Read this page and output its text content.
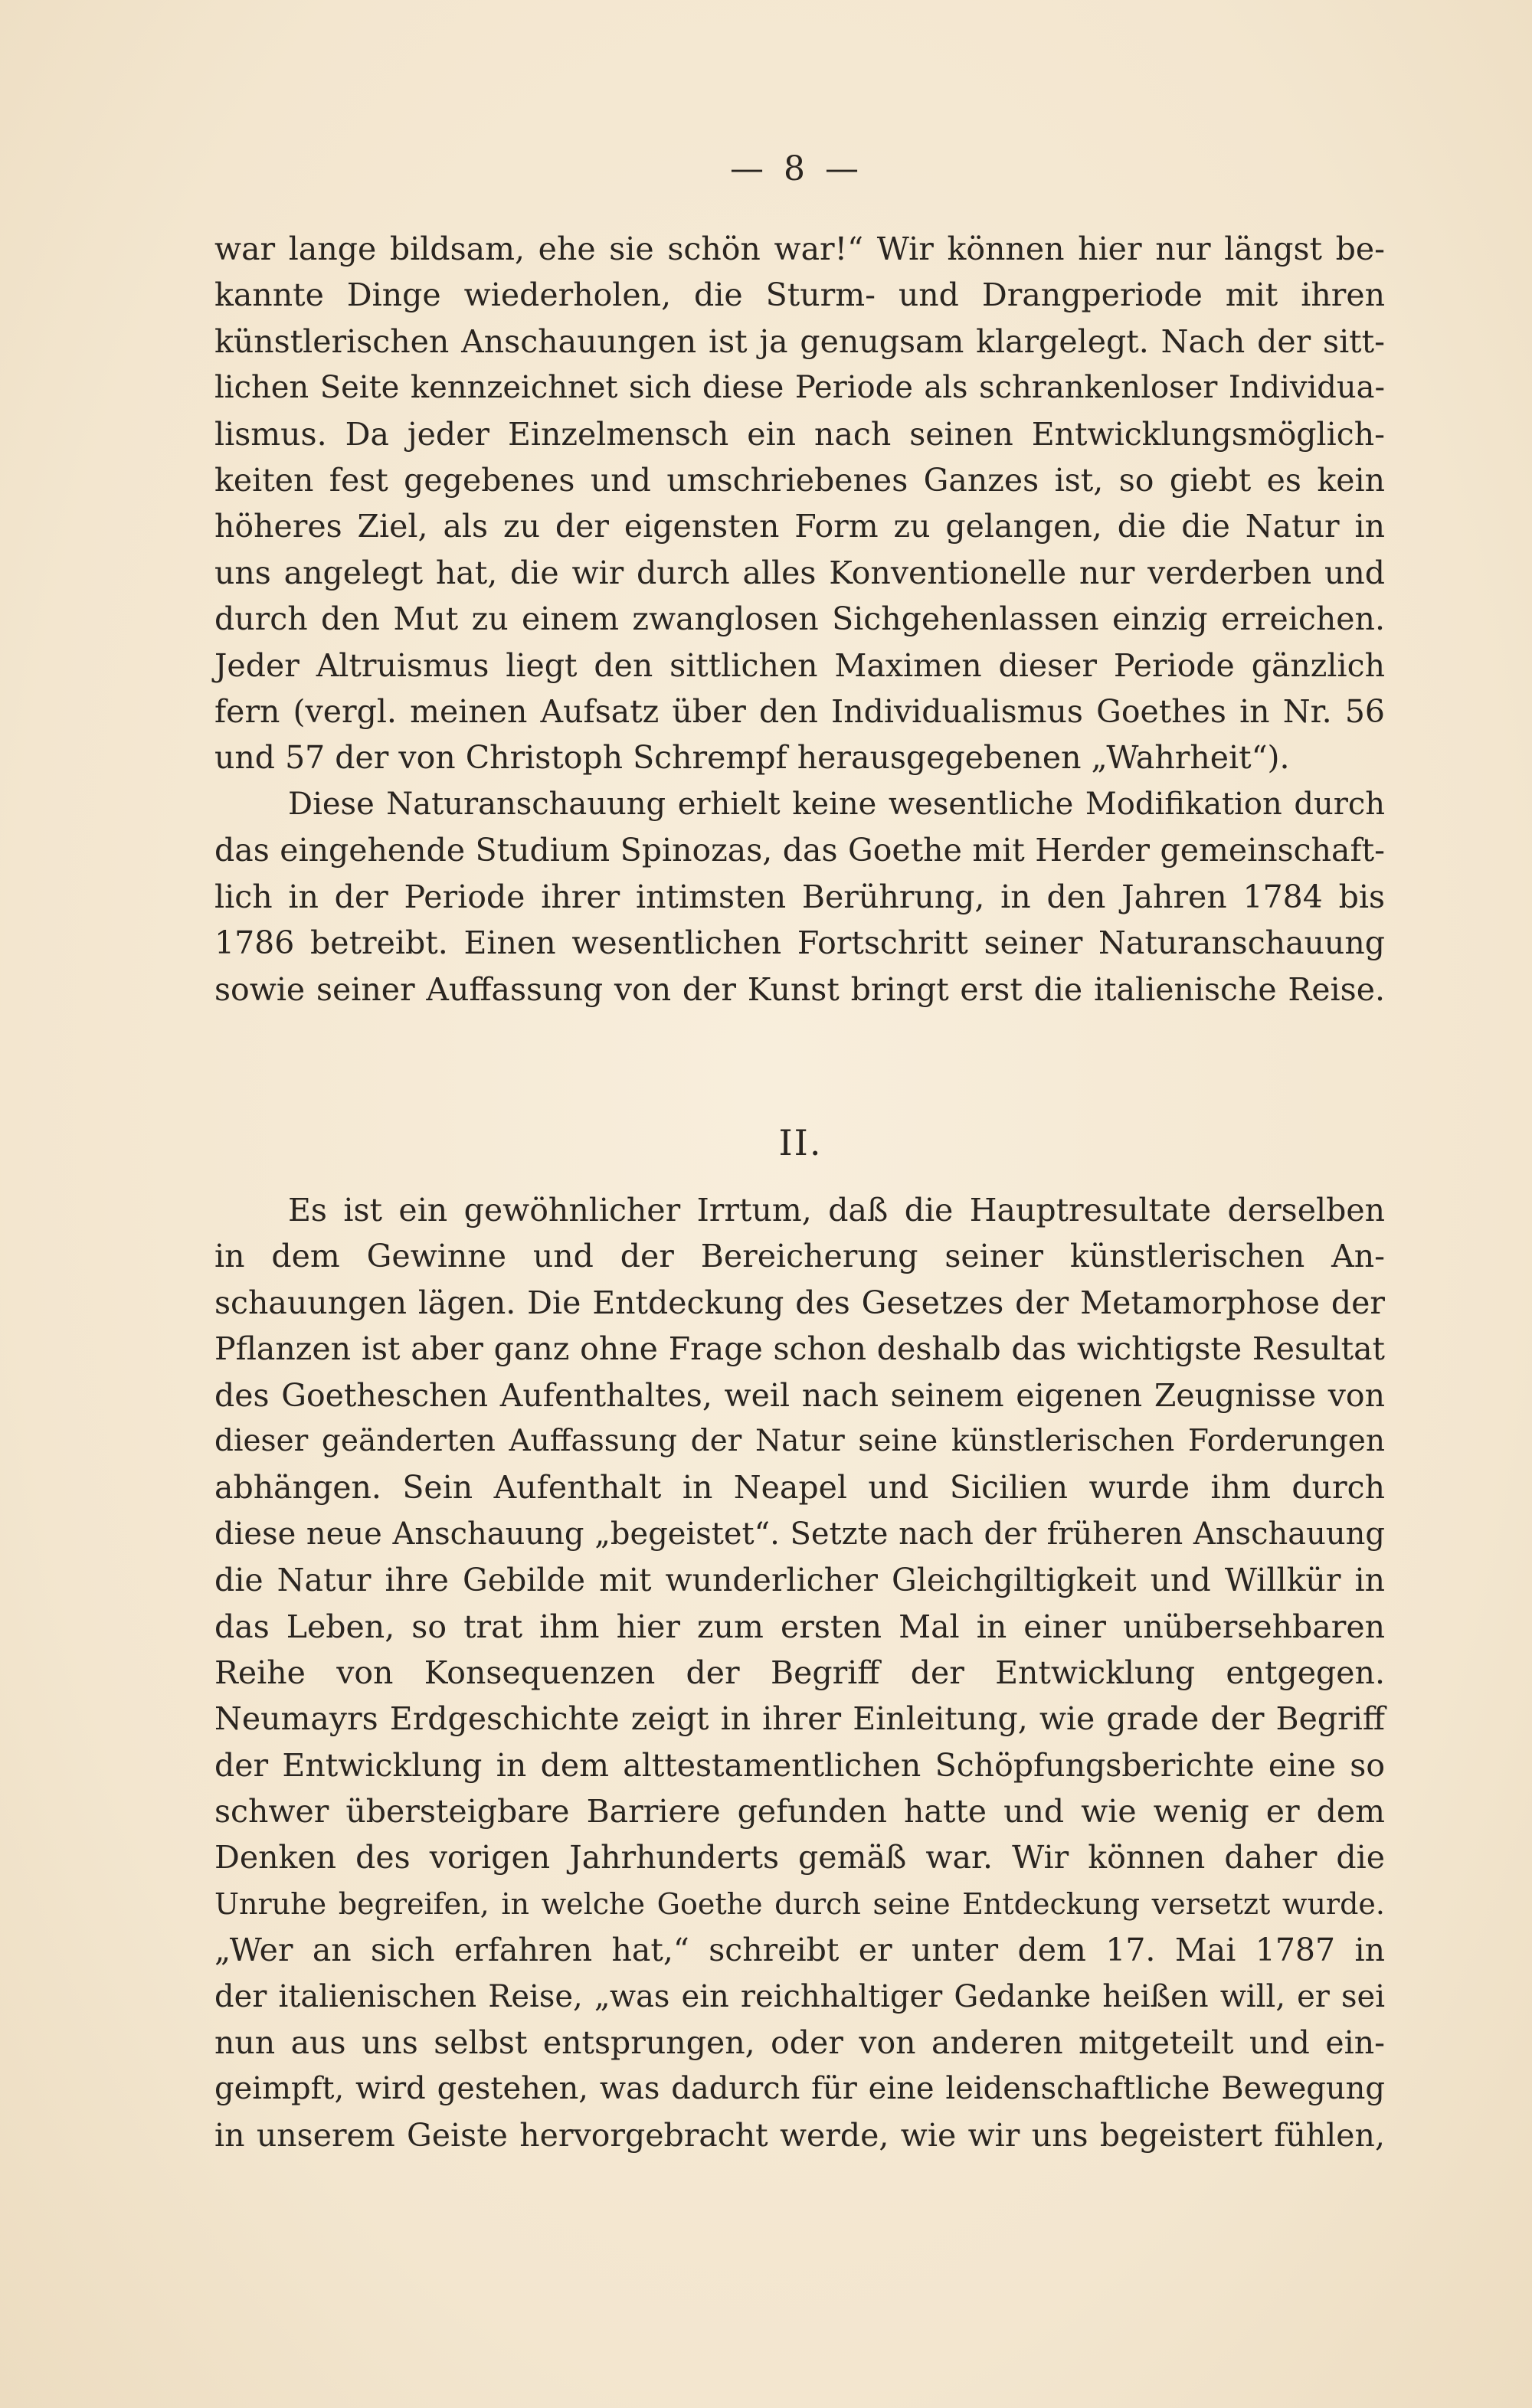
— 8 —
war lange bildsam, ehe sie schön war!“ Wir können hier nur längst be-
kannte Dinge wiederholen, die Sturm- und Drangperiode mit ihren
künstlerischen Anschauungen ist ja genugsam klargelegt. Nach der sitt-
lichen Seite kennzeichnet sich diese Periode als schrankenloser Individua-
lismus. Da jeder Einzelmensch ein nach seinen Entwicklungsmöglich-
keiten fest gegebenes und umschriebenes Ganzes ist, so giebt es kein
höheres Ziel, als zu der eigensten Form zu gelangen, die die Natur in
uns angelegt hat, die wir durch alles Konventionelle nur verderben und
durch den Mut zu einem zwanglosen Sichgehenlassen einzig erreichen.
Jeder Altruismus liegt den sittlichen Maximen dieser Periode gänzlich
fern (vergl. meinen Aufsatz über den Individualismus Goethes in Nr. 56
und 57 der von Christoph Schrempf herausgegebenen „Wahrheit“).
Diese Naturanschauung erhielt keine wesentliche Modifikation durch
das eingehende Studium Spinozas, das Goethe mit Herder gemeinschaft-
lich in der Periode ihrer intimsten Berührung, in den Jahren 1784 bis
1786 betreibt. Einen wesentlichen Fortschritt seiner Naturanschauung
sowie seiner Auffassung von der Kunst bringt erst die italienische Reise.
II.
Es ist ein gewöhnlicher Irrtum, daß die Hauptresultate derselben
in dem Gewinne und der Bereicherung seiner künstlerischen An-
schauungen lägen. Die Entdeckung des Gesetzes der Metamorphose der
Pflanzen ist aber ganz ohne Frage schon deshalb das wichtigste Resultat
des Goetheschen Aufenthaltes, weil nach seinem eigenen Zeugnisse von
dieser geänderten Auffassung der Natur seine künstlerischen Forderungen
abhängen. Sein Aufenthalt in Neapel und Sicilien wurde ihm durch
diese neue Anschauung „begeistet“. Setzte nach der früheren Anschauung
die Natur ihre Gebilde mit wunderlicher Gleichgiltigkeit und Willkür in
das Leben, so trat ihm hier zum ersten Mal in einer unübersehbaren
Reihe von Konsequenzen der Begriff der Entwicklung entgegen.
Neumayrs Erdgeschichte zeigt in ihrer Einleitung, wie grade der Begriff
der Entwicklung in dem alttestamentlichen Schöpfungsberichte eine so
schwer übersteigbare Barriere gefunden hatte und wie wenig er dem
Denken des vorigen Jahrhunderts gemäß war. Wir können daher die
Unruhe begreifen, in welche Goethe durch seine Entdeckung versetzt wurde.
„Wer an sich erfahren hat,“ schreibt er unter dem 17. Mai 1787 in
der italienischen Reise, „was ein reichhaltiger Gedanke heißen will, er sei
nun aus uns selbst entsprungen, oder von anderen mitgeteilt und ein-
geimpft, wird gestehen, was dadurch für eine leidenschaftliche Bewegung
in unserem Geiste hervorgebracht werde, wie wir uns begeistert fühlen,
